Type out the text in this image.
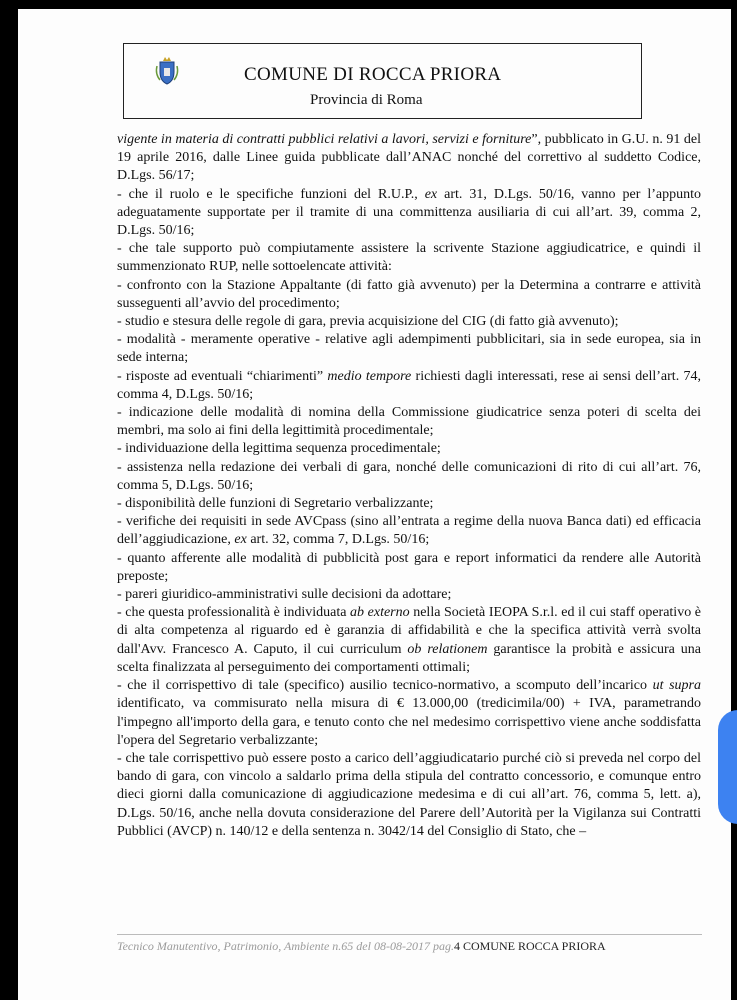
COMUNE DI ROCCA PRIORA
Provincia di Roma

vigente in materia di contratti pubblici relativi a lavori, servizi e forniture”, pubblicato in G.U. n. 91 del 19 aprile 2016, dalle Linee guida pubblicate dall’ANAC nonché del correttivo al suddetto Codice, D.Lgs. 56/17;

- che il ruolo e le specifiche funzioni del R.U.P., ex art. 31, D.Lgs. 50/16, vanno per l’appunto adeguatamente supportate per il tramite di una committenza ausiliaria di cui all’art. 39, comma 2, D.Lgs. 50/16;

- che tale supporto può compiutamente assistere la scrivente Stazione aggiudicatrice, e quindi il summenzionato RUP, nelle sottoelencate attività:

- confronto con la Stazione Appaltante (di fatto già avvenuto) per la Determina a contrarre e attività susseguenti all’avvio del procedimento;

- studio e stesura delle regole di gara, previa acquisizione del CIG (di fatto già avvenuto);

- modalità - meramente operative - relative agli adempimenti pubblicitari, sia in sede europea, sia in sede interna;

- risposte ad eventuali “chiarimenti” medio tempore richiesti dagli interessati, rese ai sensi dell’art. 74, comma 4, D.Lgs. 50/16;

- indicazione delle modalità di nomina della Commissione giudicatrice senza poteri di scelta dei membri, ma solo ai fini della legittimità procedimentale;

- individuazione della legittima sequenza procedimentale;

- assistenza nella redazione dei verbali di gara, nonché delle comunicazioni di rito di cui all’art. 76, comma 5, D.Lgs. 50/16;

- disponibilità delle funzioni di Segretario verbalizzante;

- verifiche dei requisiti in sede AVCpass (sino all’entrata a regime della nuova Banca dati) ed efficacia dell’aggiudicazione, ex art. 32, comma 7, D.Lgs. 50/16;

- quanto afferente alle modalità di pubblicità post gara e report informatici da rendere alle Autorità preposte;

- pareri giuridico-amministrativi sulle decisioni da adottare;

- che questa professionalità è individuata ab externo nella Società IEOPA S.r.l. ed il cui staff operativo è di alta competenza al riguardo ed è garanzia di affidabilità e che la specifica attività verrà svolta dall'Avv. Francesco A. Caputo, il cui curriculum ob relationem garantisce la probità e assicura una scelta finalizzata al perseguimento dei comportamenti ottimali;

- che il corrispettivo di tale (specifico) ausilio tecnico-normativo, a scomputo dell’incarico ut supra identificato, va commisurato nella misura di € 13.000,00 (tredicimila/00) + IVA, parametrando l'impegno all'importo della gara, e tenuto conto che nel medesimo corrispettivo viene anche soddisfatta l'opera del Segretario verbalizzante;

- che tale corrispettivo può essere posto a carico dell’aggiudicatario purché ciò si preveda nel corpo del bando di gara, con vincolo a saldarlo prima della stipula del contratto concessorio, e comunque entro dieci giorni dalla comunicazione di aggiudicazione medesima e di cui all’art. 76, comma 5, lett. a), D.Lgs. 50/16, anche nella dovuta considerazione del Parere dell’Autorità per la Vigilanza sui Contratti Pubblici (AVCP) n. 140/12 e della sentenza n. 3042/14 del Consiglio di Stato, che –

Tecnico Manutentivo, Patrimonio, Ambiente n.65 del 08-08-2017 pag.4 COMUNE ROCCA PRIORA
